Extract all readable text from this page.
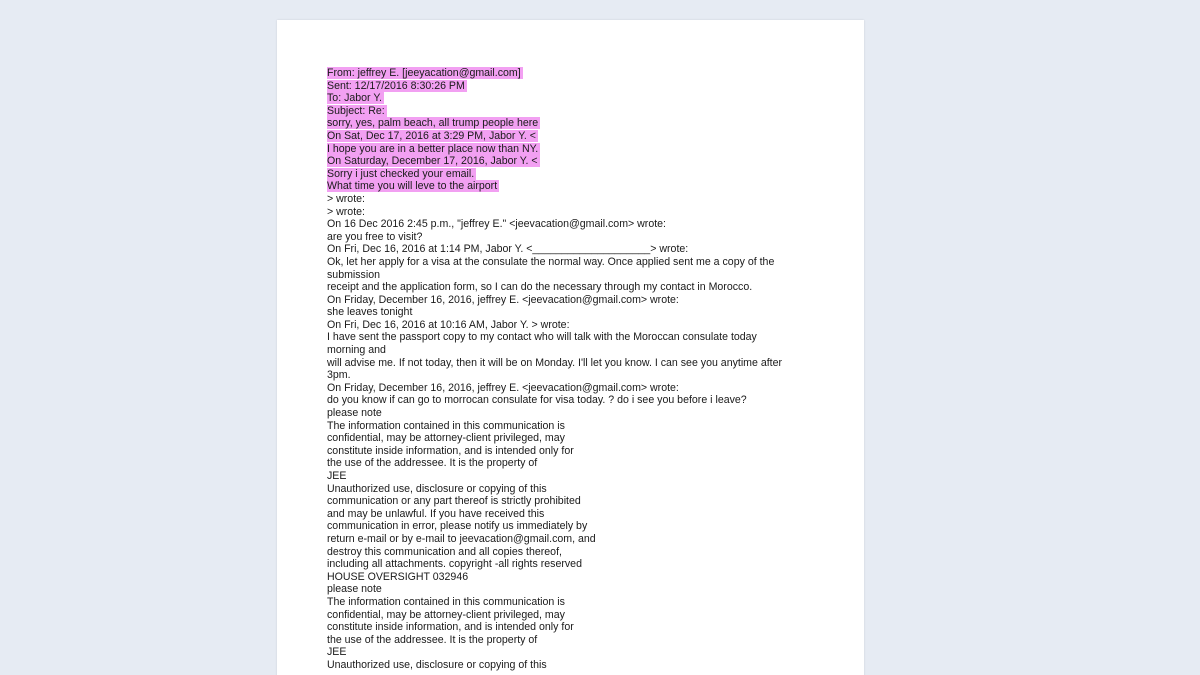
From: jeffrey E. [jeeyacation@gmail.com]
Sent: 12/17/2016 8:30:26 PM
To: Jabor Y.
Subject: Re:
sorry, yes, palm beach, all trump people here
On Sat, Dec 17, 2016 at 3:29 PM, Jabor Y. <
I hope you are in a better place now than NY.
On Saturday, December 17, 2016, Jabor Y. <
Sorry i just checked your email.
What time you will leve to the airport
> wrote:
> wrote:
On 16 Dec 2016 2:45 p.m., "jeffrey E." <jeevacation@gmail.com> wrote:
are you free to visit?
On Fri, Dec 16, 2016 at 1:14 PM, Jabor Y. <____________________> wrote:
Ok, let her apply for a visa at the consulate the normal way. Once applied sent me a copy of the
submission
receipt and the application form, so I can do the necessary through my contact in Morocco.
On Friday, December 16, 2016, jeffrey E. <jeevacation@gmail.com> wrote:
she leaves tonight
On Fri, Dec 16, 2016 at 10:16 AM, Jabor Y. > wrote:
I have sent the passport copy to my contact who will talk with the Moroccan consulate today
morning and
will advise me. If not today, then it will be on Monday. I'll let you know. I can see you anytime after
3pm.
On Friday, December 16, 2016, jeffrey E. <jeevacation@gmail.com> wrote:
do you know if can go to morrocan consulate for visa today. ? do i see you before i leave?
please note
The information contained in this communication is
confidential, may be attorney-client privileged, may
constitute inside information, and is intended only for
the use of the addressee. It is the property of
JEE
Unauthorized use, disclosure or copying of this
communication or any part thereof is strictly prohibited
and may be unlawful. If you have received this
communication in error, please notify us immediately by
return e-mail or by e-mail to jeevacation@gmail.com, and
destroy this communication and all copies thereof,
including all attachments. copyright -all rights reserved
HOUSE OVERSIGHT 032946
please note
The information contained in this communication is
confidential, may be attorney-client privileged, may
constitute inside information, and is intended only for
the use of the addressee. It is the property of
JEE
Unauthorized use, disclosure or copying of this
